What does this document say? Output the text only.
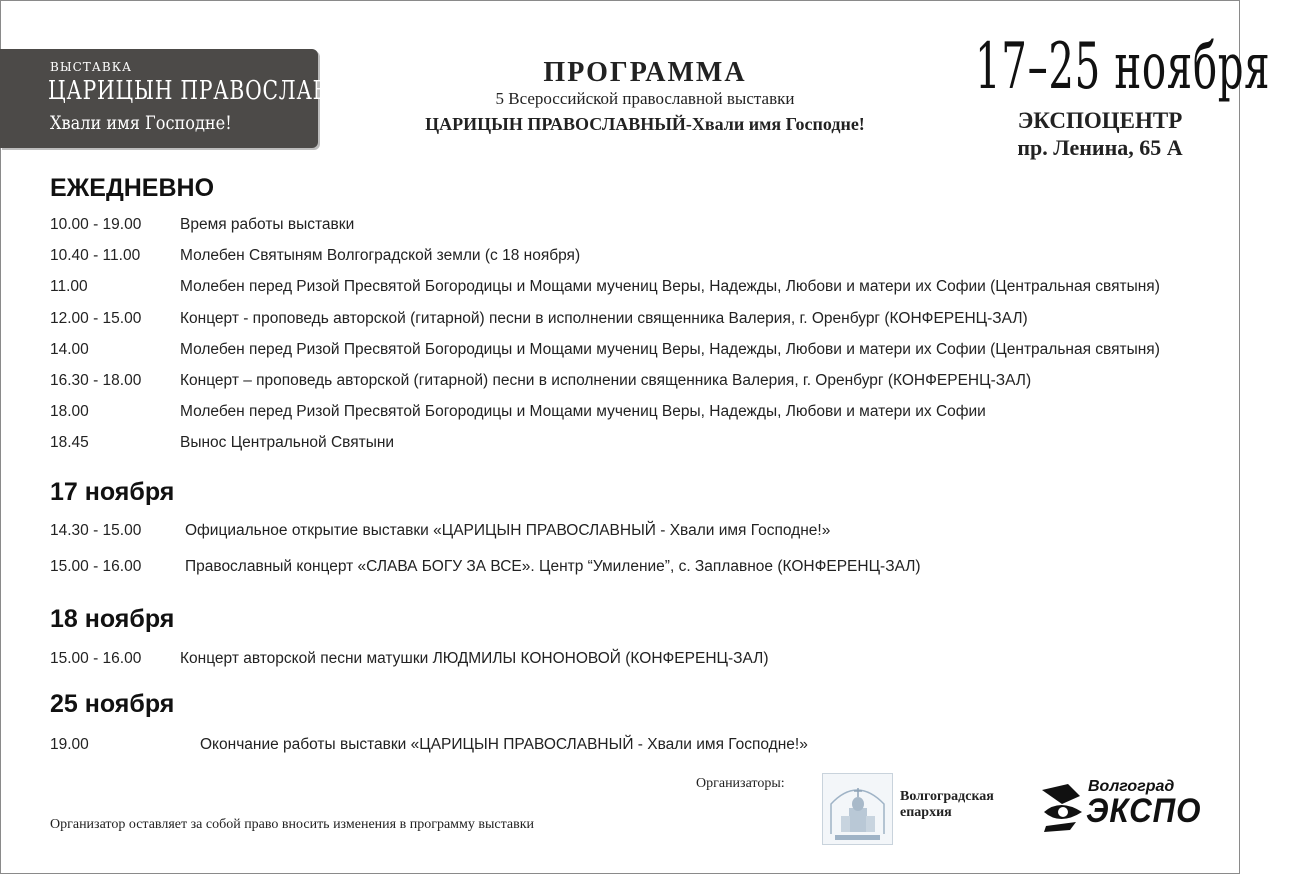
ВЫСТАВКА
ЦАРИЦЫН ПРАВОСЛАВНЫЙ
Хвали имя Господне!
ПРОГРАММА
5 Всероссийской православной выставки
ЦАРИЦЫН ПРАВОСЛАВНЫЙ-Хвали имя Господне!
17–25 ноября
ЭКСПОЦЕНТР
пр. Ленина, 65 А
ЕЖЕДНЕВНО
10.00 - 19.00 Время работы выставки
10.40 - 11.00	Молебен Святыням Волгоградской земли (с 18 ноября)
11.00	Молебен перед Ризой Пресвятой Богородицы и Мощами мучениц Веры, Надежды, Любови и матери их Софии (Центральная святыня)
12.00 - 15.00 Концерт - проповедь авторской (гитарной) песни в исполнении священника Валерия, г. Оренбург (КОНФЕРЕНЦ-ЗАЛ)
14.00	Молебен перед Ризой Пресвятой Богородицы и Мощами мучениц Веры, Надежды, Любови и матери их Софии (Центральная святыня)
16.30 - 18.00 Концерт – проповедь авторской (гитарной) песни в исполнении священника Валерия, г. Оренбург (КОНФЕРЕНЦ-ЗАЛ)
18.00	Молебен перед Ризой Пресвятой Богородицы и Мощами мучениц Веры, Надежды, Любови и матери их Софии
18.45	Вынос Центральной Святыни
17 ноября
14.30 - 15.00	Официальное открытие выставки «ЦАРИЦЫН ПРАВОСЛАВНЫЙ - Хвали имя Господне!»
15.00 - 16.00	Православный концерт «СЛАВА БОГУ ЗА ВСЕ». Центр “Умиление”, с. Заплавное (КОНФЕРЕНЦ-ЗАЛ)
18 ноября
15.00 - 16.00 Концерт авторской песни матушки ЛЮДМИЛЫ КОНОНОВОЙ (КОНФЕРЕНЦ-ЗАЛ)
25 ноября
19.00	Окончание работы выставки «ЦАРИЦЫН ПРАВОСЛАВНЫЙ - Хвали имя Господне!»
Организаторы:
Организатор оставляет за собой право вносить изменения в программу выставки
Волгоградская
епархия
Волгоград
ЭКСПО
